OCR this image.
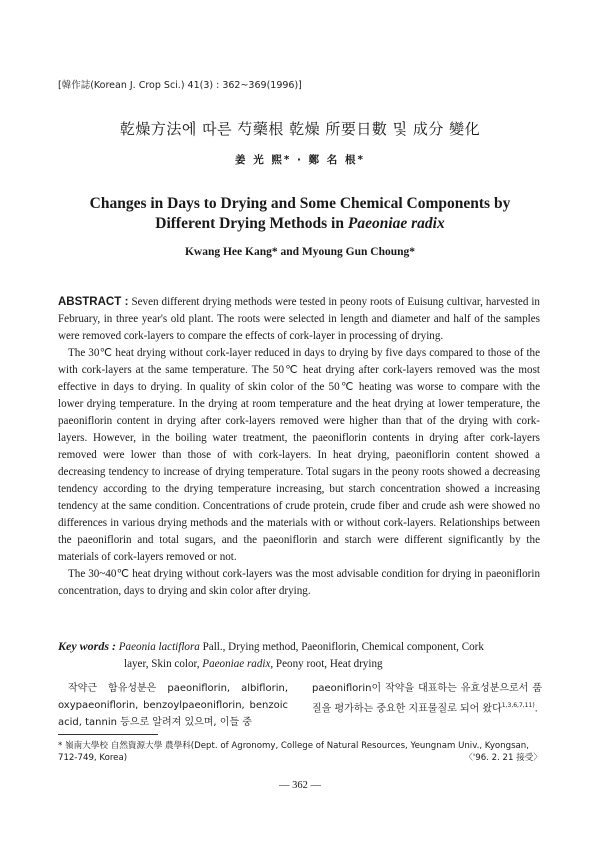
[韓作誌(Korean J. Crop Sci.) 41(3) : 362~369(1996)]
乾燥方法에 따른 芍藥根 乾燥 所要日數 및 成分 變化
姜 光 熙* · 鄭 名 根*
Changes in Days to Drying and Some Chemical Components by
Different Drying Methods in Paeoniae radix
Kwang Hee Kang* and Myoung Gun Choung*

ABSTRACT : Seven different drying methods were tested in peony roots of Euisung cultivar, harvested in February, in three year's old plant. The roots were selected in length and diameter and half of the samples were removed cork-layers to compare the effects of cork-layer in processing of drying.

The 30℃ heat drying without cork-layer reduced in days to drying by five days compared to those of the with cork-layers at the same temperature. The 50℃ heat drying after cork-layers removed was the most effective in days to drying. In quality of skin color of the 50℃ heating was worse to compare with the lower drying temperature. In the drying at room temperature and the heat drying at lower temperature, the paeoniflorin content in drying after cork-layers removed were higher than that of the drying with cork-layers. However, in the boiling water treatment, the paeoniflorin contents in drying after cork-layers removed were lower than those of with cork-layers. In heat drying, paeoniflorin content showed a decreasing tendency to increase of drying temperature. Total sugars in the peony roots showed a decreasing tendency according to the drying temperature increasing, but starch concentration showed a increasing tendency at the same condition. Concentrations of crude protein, crude fiber and crude ash were showed no differences in various drying methods and the materials with or without cork-layers. Relationships between the paeoniflorin and total sugars, and the paeoniflorin and starch were different significantly by the materials of cork-layers removed or not.

The 30~40℃ heat drying without cork-layers was the most advisable condition for drying in paeoniflorin concentration, days to drying and skin color after drying.

Key words : Paeonia lactiflora Pall., Drying method, Paeoniflorin, Chemical component, Cork
layer, Skin color, Paeoniae radix, Peony root, Heat drying
작약근 함유성분은 paeoniflorin, albiflorin, oxypaeoniflorin, benzoylpaeoniflorin, benzoic acid, tannin 등으로 알려져 있으며, 이들 중
paeoniflorin이 작약을 대표하는 유효성분으로서 품질을 평가하는 중요한 지표물질로 되어 왔다$^{1,3,6,7,11)}$.
* 嶺南大學校 自然資源大學 農學科(Dept. of Agronomy, College of Natural Resources, Yeungnam Univ., Kyongsan, 712-749, Korea)	〈'96. 2. 21 接受〉
— 362 —
